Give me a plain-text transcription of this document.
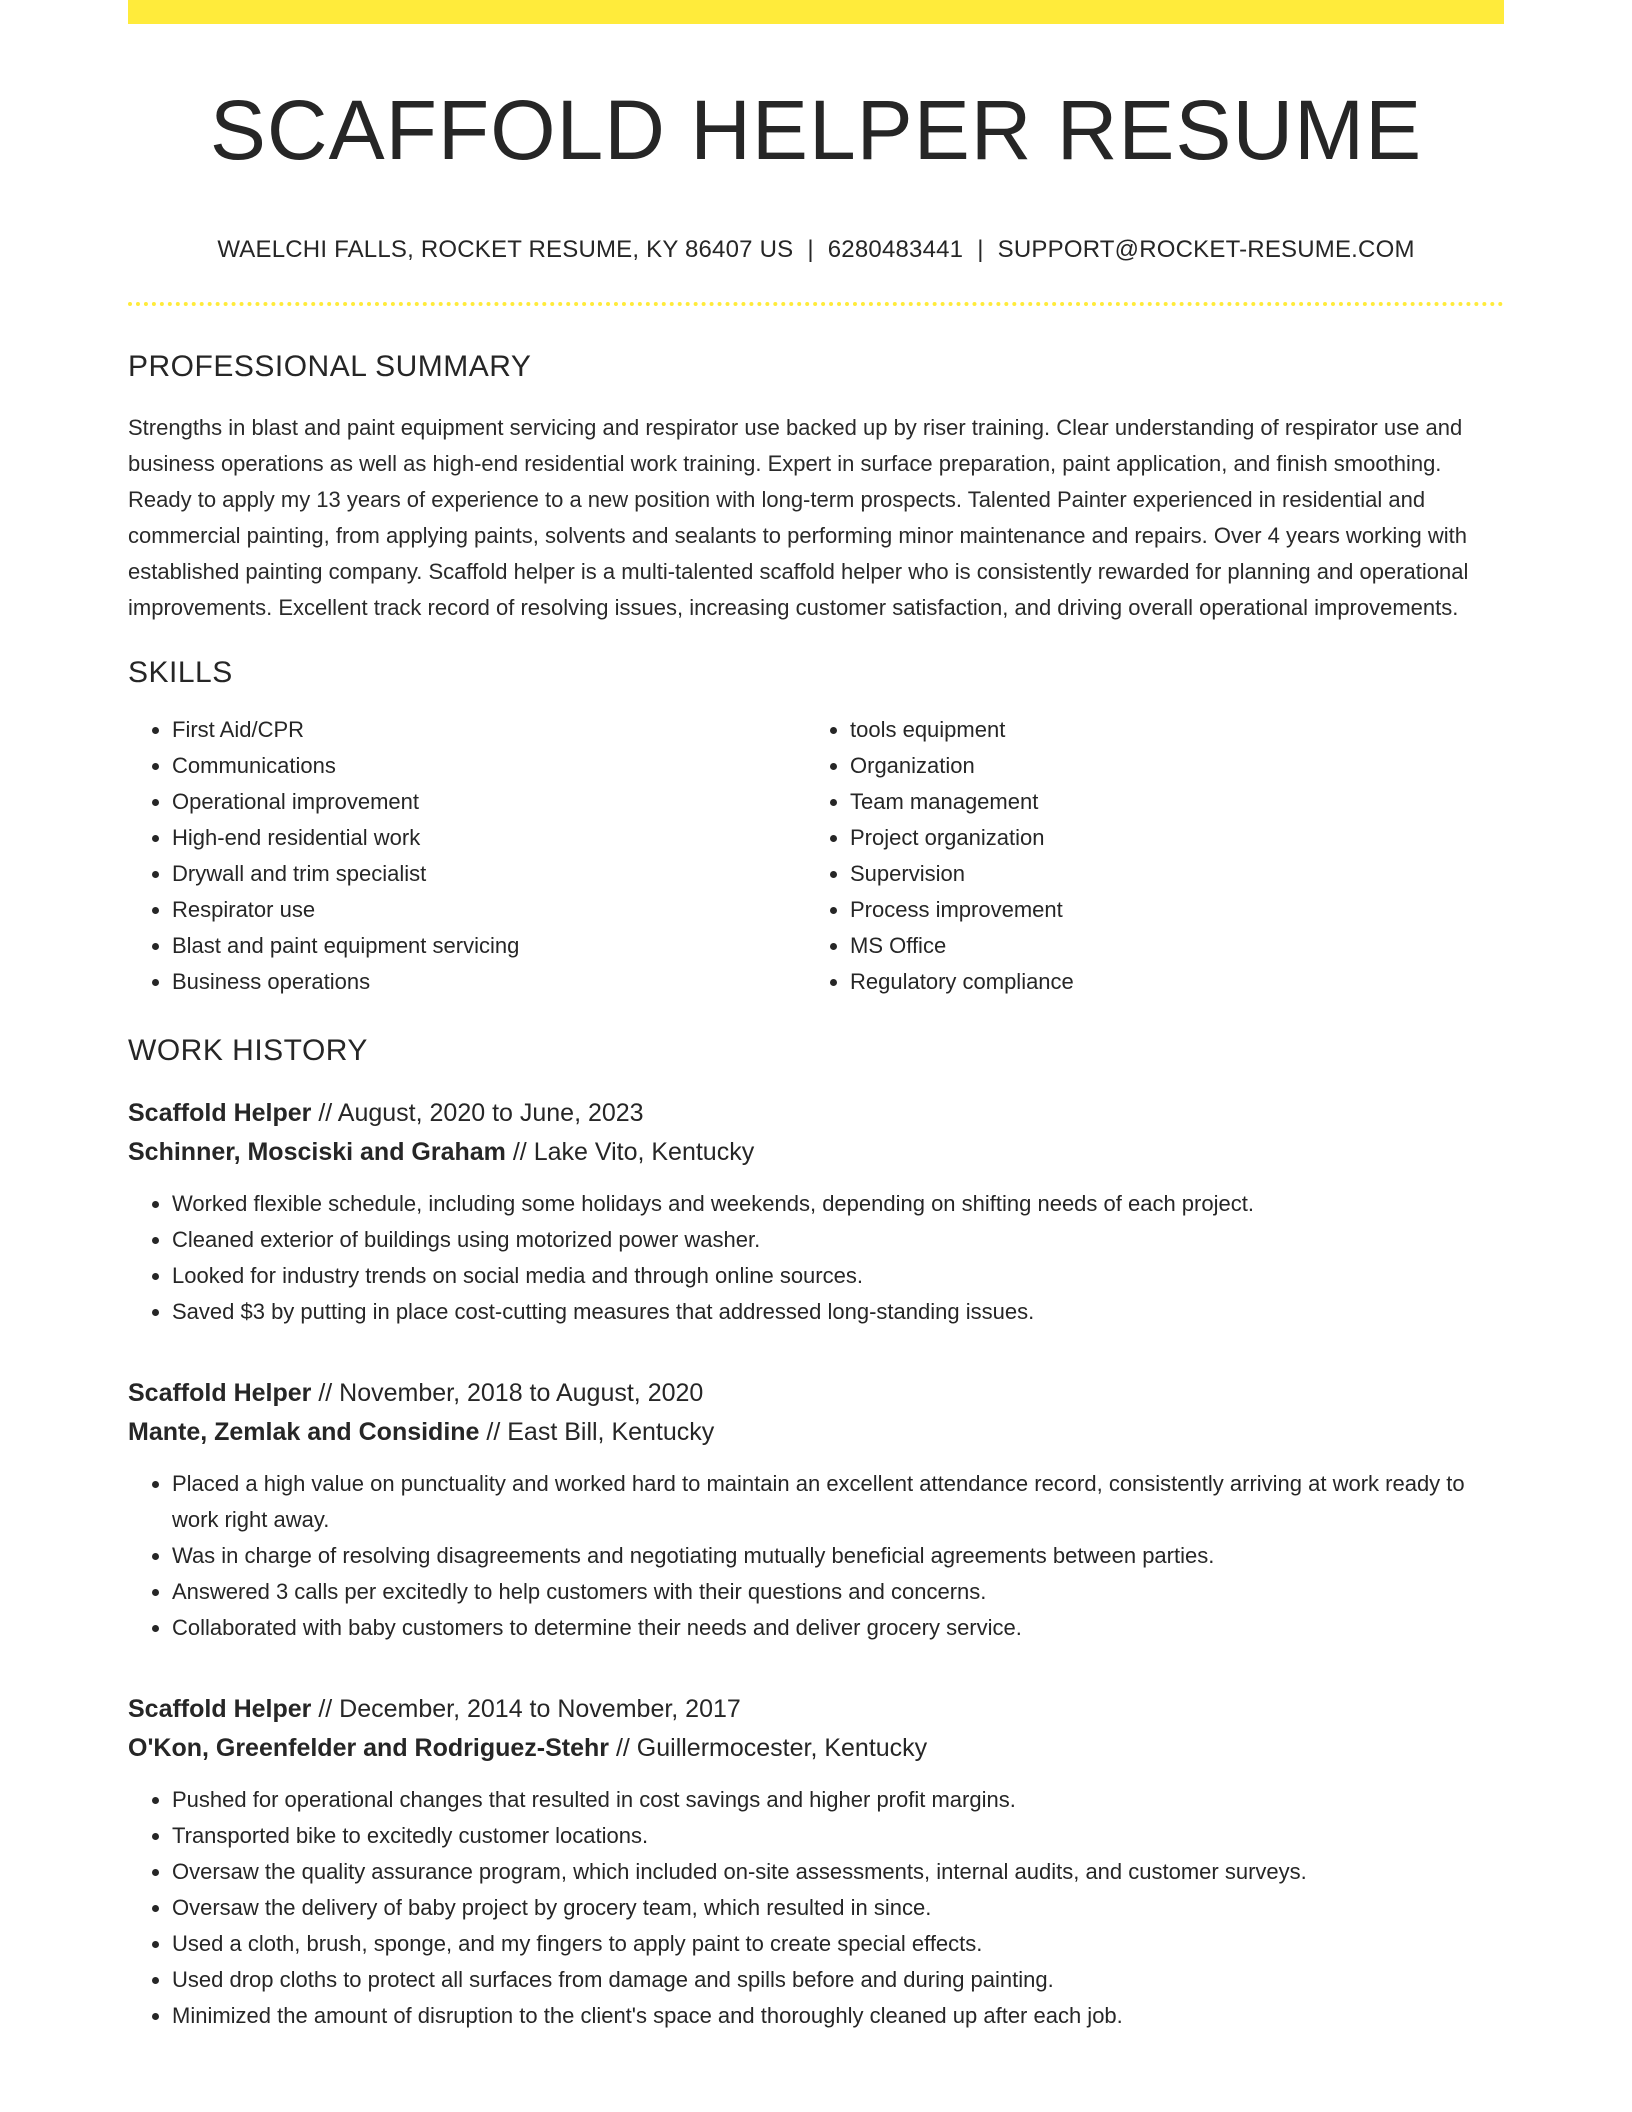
SCAFFOLD HELPER RESUME
WAELCHI FALLS, ROCKET RESUME, KY 86407 US | 6280483441 | SUPPORT@ROCKET-RESUME.COM
PROFESSIONAL SUMMARY

Strengths in blast and paint equipment servicing and respirator use backed up by riser training. Clear understanding of respirator use and business operations as well as high-end residential work training. Expert in surface preparation, paint application, and finish smoothing. Ready to apply my 13 years of experience to a new position with long-term prospects. Talented Painter experienced in residential and commercial painting, from applying paints, solvents and sealants to performing minor maintenance and repairs. Over 4 years working with established painting company. Scaffold helper is a multi-talented scaffold helper who is consistently rewarded for planning and operational improvements. Excellent track record of resolving issues, increasing customer satisfaction, and driving overall operational improvements.

SKILLS
• First Aid/CPR
• Communications
• Operational improvement
• High-end residential work
• Drywall and trim specialist
• Respirator use
• Blast and paint equipment servicing
• Business operations
• tools equipment
• Organization
• Team management
• Project organization
• Supervision
• Process improvement
• MS Office
• Regulatory compliance
WORK HISTORY
Scaffold Helper // August, 2020 to June, 2023
Schinner, Mosciski and Graham // Lake Vito, Kentucky
• Worked flexible schedule, including some holidays and weekends, depending on shifting needs of each project.
• Cleaned exterior of buildings using motorized power washer.
• Looked for industry trends on social media and through online sources.
• Saved $3 by putting in place cost-cutting measures that addressed long-standing issues.
Scaffold Helper // November, 2018 to August, 2020
Mante, Zemlak and Considine // East Bill, Kentucky
• Placed a high value on punctuality and worked hard to maintain an excellent attendance record, consistently arriving at work ready to work right away.
• Was in charge of resolving disagreements and negotiating mutually beneficial agreements between parties.
• Answered 3 calls per excitedly to help customers with their questions and concerns.
• Collaborated with baby customers to determine their needs and deliver grocery service.
Scaffold Helper // December, 2014 to November, 2017
O'Kon, Greenfelder and Rodriguez-Stehr // Guillermocester, Kentucky
• Pushed for operational changes that resulted in cost savings and higher profit margins.
• Transported bike to excitedly customer locations.
• Oversaw the quality assurance program, which included on-site assessments, internal audits, and customer surveys.
• Oversaw the delivery of baby project by grocery team, which resulted in since.
• Used a cloth, brush, sponge, and my fingers to apply paint to create special effects.
• Used drop cloths to protect all surfaces from damage and spills before and during painting.
• Minimized the amount of disruption to the client's space and thoroughly cleaned up after each job.
